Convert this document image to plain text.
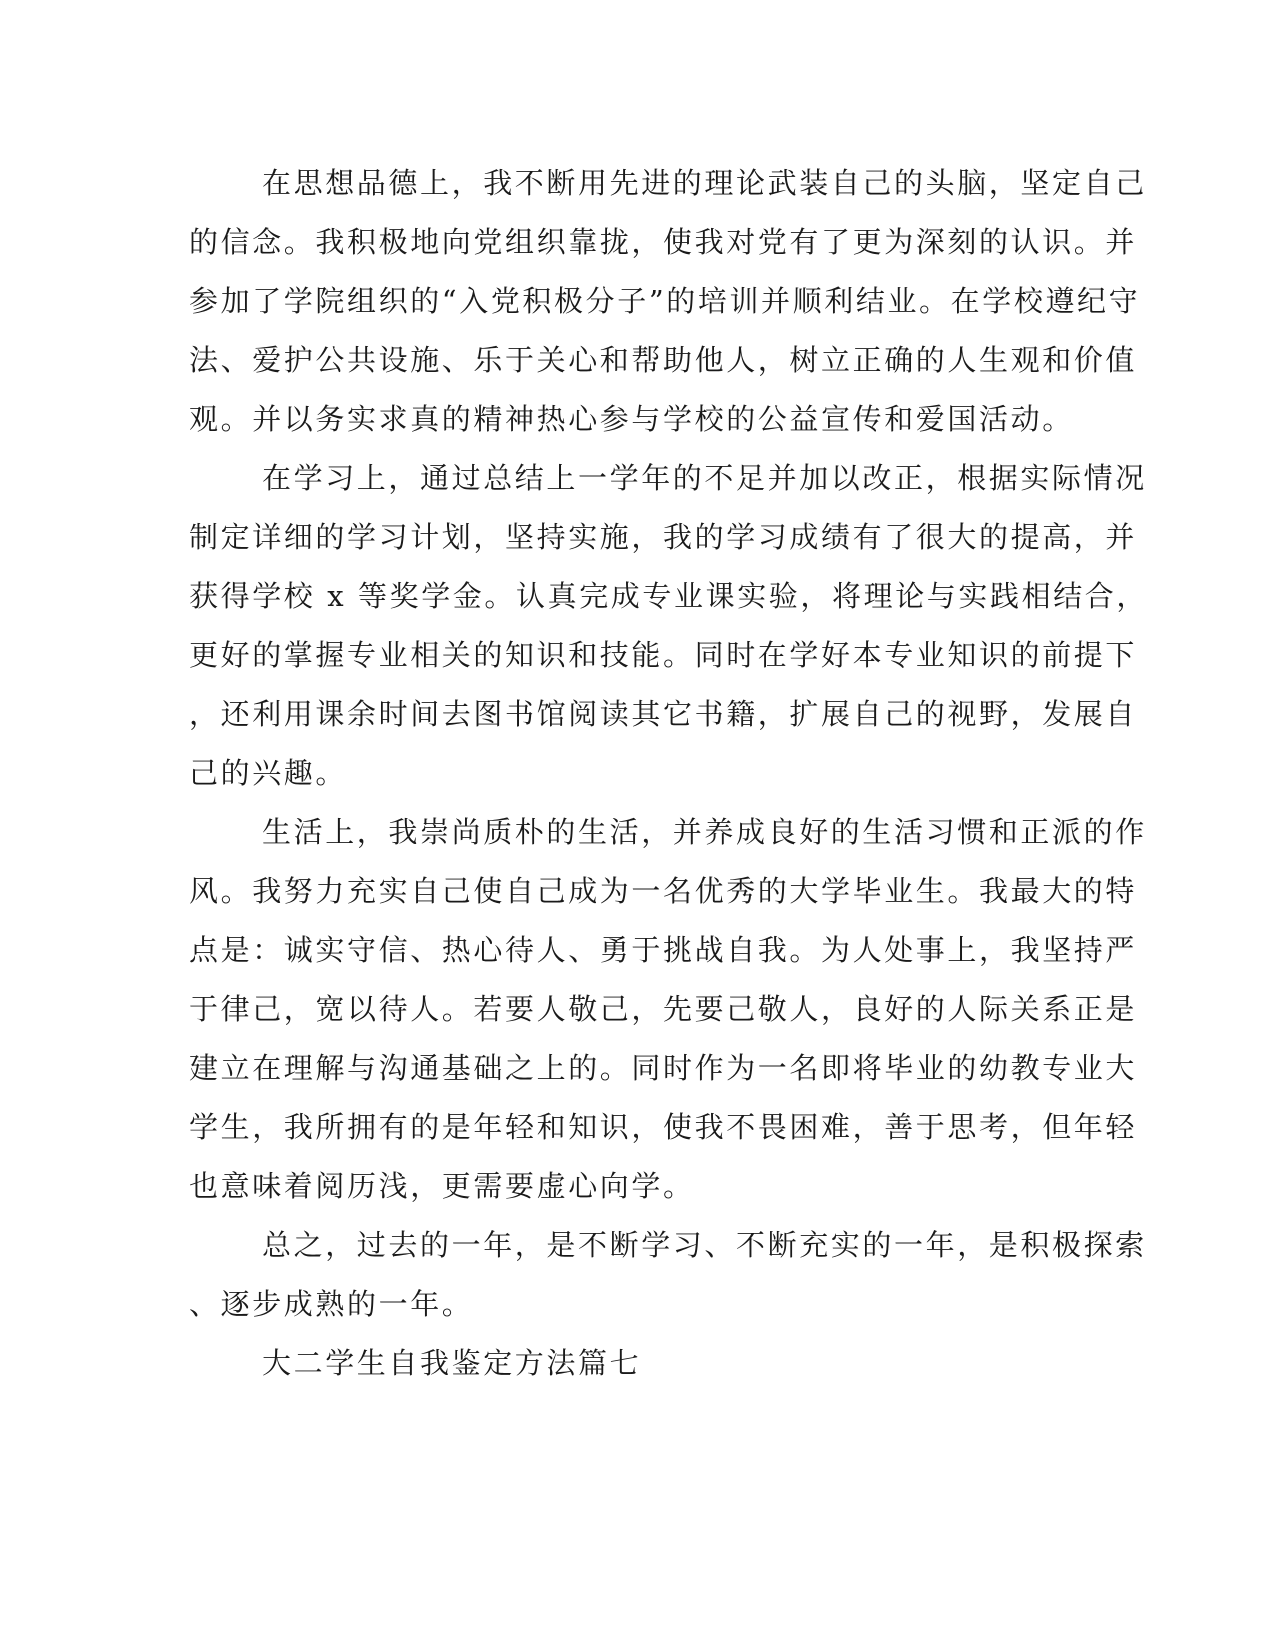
在思想品德上，我不断用先进的理论武装自己的头脑，坚定自己
的信念。我积极地向党组织靠拢，使我对党有了更为深刻的认识。并
参加了学院组织的“入党积极分子”的培训并顺利结业。在学校遵纪守
法、爱护公共设施、乐于关心和帮助他人，树立正确的人生观和价值
观。并以务实求真的精神热心参与学校的公益宣传和爱国活动。
在学习上，通过总结上一学年的不足并加以改正，根据实际情况
制定详细的学习计划，坚持实施，我的学习成绩有了很大的提高，并
获得学校 x 等奖学金。认真完成专业课实验，将理论与实践相结合，
更好的掌握专业相关的知识和技能。同时在学好本专业知识的前提下
，还利用课余时间去图书馆阅读其它书籍，扩展自己的视野，发展自
己的兴趣。
生活上，我崇尚质朴的生活，并养成良好的生活习惯和正派的作
风。我努力充实自己使自己成为一名优秀的大学毕业生。我最大的特
点是：诚实守信、热心待人、勇于挑战自我。为人处事上，我坚持严
于律己，宽以待人。若要人敬己，先要己敬人，良好的人际关系正是
建立在理解与沟通基础之上的。同时作为一名即将毕业的幼教专业大
学生，我所拥有的是年轻和知识，使我不畏困难，善于思考，但年轻
也意味着阅历浅，更需要虚心向学。
总之，过去的一年，是不断学习、不断充实的一年，是积极探索
、逐步成熟的一年。
大二学生自我鉴定方法篇七
